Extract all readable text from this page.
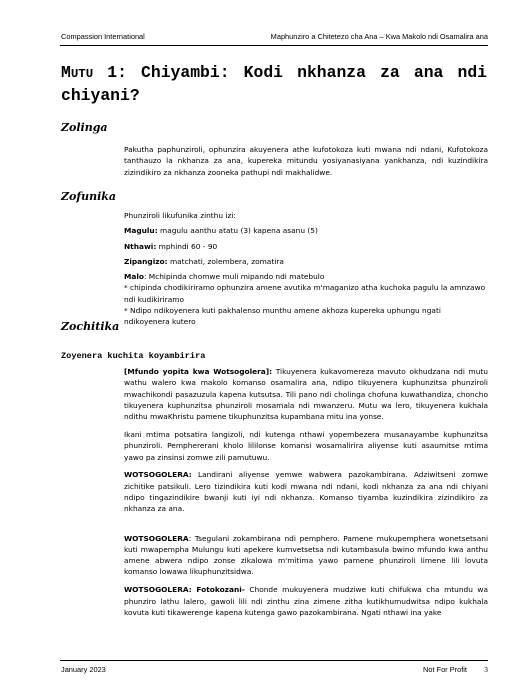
Compassion International	Maphunziro a Chitetezo cha Ana – Kwa Makolo ndi Osamalira ana
MUTU 1: Chiyambi: Kodi nkhanza za ana ndi chiyani?
Zolinga

Pakutha paphunziroli, ophunzira akuyenera athe kufotokoza kuti mwana ndi ndani, Kufotokoza tanthauzo la nkhanza za ana, kupereka mitundu yosiyanasiyana yankhanza, ndi kuzindikira zizindikiro za nkhanza zooneka pathupi ndi makhalidwe.

Zofunika

Phunziroli likufunika zinthu izi:

Magulu: magulu aanthu atatu (3) kapena asanu (5)

Nthawi: mphindi 60 - 90

Zipangizo: matchati, zolembera, zomatira

Malo: Mchipinda chomwe muli mipando ndi matebulo

* chipinda chodikiriramo ophunzira amene avutika m'maganizo atha kuchoka pagulu la amnzawo ndi kudikiriramo

* Ndipo ndikoyenera kuti pakhalenso munthu amene akhoza kupereka uphungu ngati ndikoyenera kutero

Zochitika
Zoyenera kuchita koyambirira

[Mfundo yopita kwa Wotsogolera]: Tikuyenera kukavomereza mavuto okhudzana ndi mutu wathu walero kwa makolo komanso osamalira ana, ndipo tikuyenera kuphunzitsa phunziroli mwachikondi pasazuzula kapena kutsutsa. Tili pano ndi cholinga chofuna kuwathandiza, choncho tikuyenera kuphunzitsa phunziroli mosamala ndi mwanzeru. Mutu wa lero, tikuyenera kukhala ndithu mwaKhristu pamene tikuphunzitsa kupambana mitu ina yonse.

Ikani mtima potsatira langizoli, ndi kutenga nthawi yopembezera musanayambe kuphunzitsa phunziroli. Pemphererani kholo lililonse komansi wosamalirira aliyense kuti asaumitse mtima yawo pa zinsinsi zomwe zili pamutuwu.

WOTSOGOLERA: Landirani aliyense yemwe wabwera pazokambirana. Adziwitseni zomwe zichitike patsikuli. Lero tizindikira kuti kodi mwana ndi ndani, kodi nkhanza za ana ndi chiyani ndipo tingazindikire bwanji kuti iyi ndi nkhanza. Komanso tiyamba kuzindikira zizindikiro za nkhanza za ana.

WOTSOGOLERA: Tsegulani zokambirana ndi pemphero. Pamene mukupemphera wonetsetsani kuti mwapempha Mulungu kuti apekere kumvetsetsa ndi kutambasula bwino mfundo kwa anthu amene abwera ndipo zonse zikalowa m'mitima yawo pamene phunziroli limene lili lovuta komanso lowawa likuphunzitsidwa.

WOTSOGOLERA: Fotokozani- Chonde mukuyenera mudziwe kuti chifukwa cha mtundu wa phunziro lathu lalero, gawoli lili ndi zinthu zina zimene zitha kutikhumudwitsa ndipo kukhala kovuta kuti tikawerenge kapena kutenga gawo pazokambirana. Ngati nthawi ina yake

January 2023	Not For Profit 3
